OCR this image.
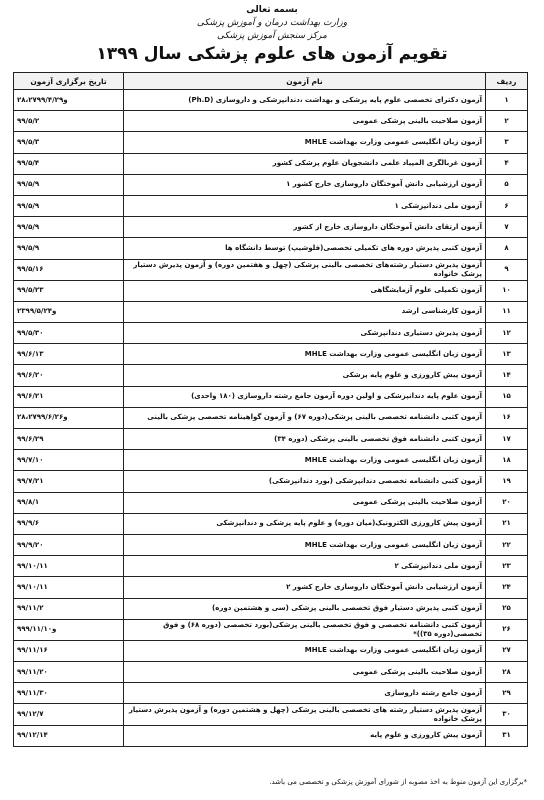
بسمه تعالی
وزارت بهداشت درمان و آموزش پزشکی
مرکز سنجش آموزش پزشکی
تقویم آزمون های علوم پزشکی سال ۱۳۹۹
ردیف	نام آزمون	تاریخ برگزاری آزمون
۱	آزمون دکترای تخصصی علوم پایه پزشکی و بهداشت ،دندانپزشکی و داروسازی (Ph.D)	۲۸،۲۷و۹۹/۴/۲۹
۲	آزمون صلاحیت بالینی پزشکی عمومی	۹۹/۵/۲
۳	آزمون زبان انگلیسی عمومی وزارت بهداشت MHLE	۹۹/۵/۳
۴	آزمون غربالگری المپیاد علمی دانشجویان علوم پزشکی کشور	۹۹/۵/۴
۵	آزمون ارزشیابی دانش آموختگان داروسازی خارج کشور ۱	۹۹/۵/۹
۶	آزمون ملی دندانپزشکی ۱	۹۹/۵/۹
۷	آزمون ارتقای دانش آموختگان داروسازی خارج از کشور	۹۹/۵/۹
۸	آزمون کتبی پذیرش دوره های تکمیلی تخصصی(فلوشیپ) توسط دانشگاه ها	۹۹/۵/۹
۹	آزمون پذیرش دستیار رشته‌های تخصصی بالینی پزشکی (چهل و هفتمین دوره) و آزمون پذیرش دستیار پزشک خانواده	۹۹/۵/۱۶
۱۰	آزمون تکمیلی علوم آزمایشگاهی	۹۹/۵/۲۳
۱۱	آزمون کارشناسی ارشد	۲۳و۹۹/۵/۲۴
۱۲	آزمون پذیرش دستیاری دندانپزشکی	۹۹/۵/۳۰
۱۳	آزمون زبان انگلیسی عمومی وزارت بهداشت MHLE	۹۹/۶/۱۳
۱۴	آزمون پیش کارورزی و علوم پایه پزشکی	۹۹/۶/۲۰
۱۵	آزمون علوم پایه دندانپزشکی و اولین دوره آزمون جامع رشته داروسازی (۱۸۰ واحدی)	۹۹/۶/۲۱
۱۶	آزمون کتبی دانشنامه تخصصی بالینی پزشکی(دوره ۶۷) و آزمون گواهینامه تخصصی پزشکی بالینی	۲۸،۲۷و۹۹/۶/۲۶
۱۷	آزمون کتبی دانشنامه فوق تخصصی بالینی پزشکی (دوره ۳۴)	۹۹/۶/۲۹
۱۸	آزمون زبان انگلیسی عمومی وزارت بهداشت MHLE	۹۹/۷/۱۰
۱۹	آزمون کتبی دانشنامه تخصصی دندانپزشکی (بورد دندانپزشکی)	۹۹/۷/۲۱
۲۰	آزمون صلاحیت بالینی پزشکی عمومی	۹۹/۸/۱
۲۱	آزمون پیش کارورزی الکترونیک(میان دوره) و علوم پایه پزشکی و دندانپزشکی	۹۹/۹/۶
۲۲	آزمون زبان انگلیسی عمومی وزارت بهداشت MHLE	۹۹/۹/۲۰
۲۳	آزمون ملی دندانپزشکی ۲	۹۹/۱۰/۱۱
۲۴	آزمون ارزشیابی دانش آموختگان داروسازی خارج کشور ۲	۹۹/۱۰/۱۱
۲۵	آزمون کتبی پذیرش دستیار فوق تخصصی بالینی پزشکی (سی و هشتمین دوره)	۹۹/۱۱/۲
۲۶	آزمون کتبی دانشنامه تخصصی و فوق تخصصی بالینی پزشکی(بورد تخصصی (دوره ۶۸) و فوق تخصصی(دوره ۳۵))*	۹و۹۹/۱۱/۱۰
۲۷	آزمون زبان انگلیسی عمومی وزارت بهداشت MHLE	۹۹/۱۱/۱۶
۲۸	آزمون صلاحیت بالینی پزشکی عمومی	۹۹/۱۱/۲۰
۲۹	آزمون جامع رشته داروسازی	۹۹/۱۱/۳۰
۳۰	آزمون پذیرش دستیار رشته های تخصصی بالینی پزشکی (چهل و هشتمین دوره) و آزمون پذیرش دستیار پزشک خانواده	۹۹/۱۲/۷
۳۱	آزمون پیش کارورزی و علوم پایه	۹۹/۱۲/۱۴
*برگزاری این آزمون منوط به اخذ مصوبه از شورای آموزش پزشکی و تخصصی می باشد.
